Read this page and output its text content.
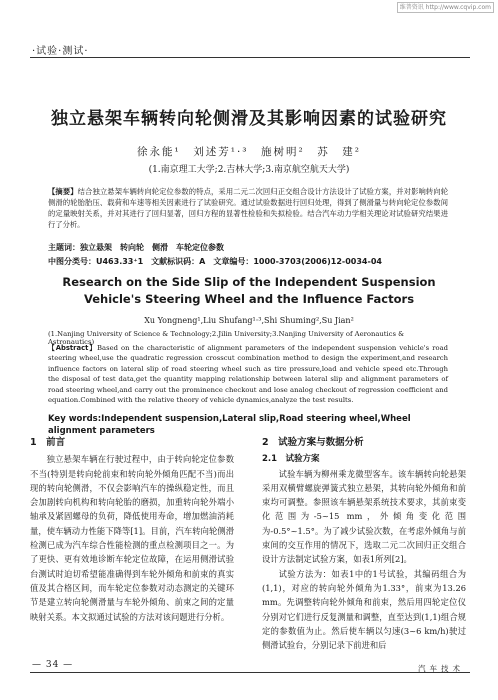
维普资讯 http://www.cqvip.com
·试验·测试·
独立悬架车辆转向轮侧滑及其影响因素的试验研究
徐永能¹　刘述芳¹·³　施树明²　苏　建²
(1.南京理工大学;2.吉林大学;3.南京航空航天大学)
【摘要】结合独立悬架车辆转向轮定位参数的特点，采用二元二次回归正交组合设计方法设计了试验方案，并对影响转向轮侧滑的轮胎胎压、载荷和车速等相关因素进行了试验研究。通过试验数据进行回归处理，得到了侧滑量与转向轮定位参数间的定量映射关系，并对其进行了回归显著，回归方程的显著性检验和失拟检验。结合汽车动力学相关理论对试验研究结果进行了分析。
主题词：独立悬架　转向轮　侧滑　车轮定位参数
中图分类号：U463.33⁺1　文献标识码：A　文章编号：1000-3703(2006)12-0034-04
Research on the Side Slip of the Independent Suspension
Vehicle's Steering Wheel and the Influence Factors
Xu Yongneng¹,Liu Shufang¹·³,Shi Shuming²,Su Jian²
(1.Nanjing University of Science & Technology;2.Jilin University;3.Nanjing University of Aeronautics & Astronautics)
【Abstract】Based on the characteristic of alignment parameters of the independent suspension vehicle's road steering wheel,use the quadratic regression crosscut combination method to design the experiment,and research influence factors on lateral slip of road steering wheel such as tire pressure,load and vehicle speed etc.Through the disposal of test data,get the quantity mapping relationship between lateral slip and alignment parameters of road steering wheel,and carry out the prominence checkout and lose analog checkout of regression coefficient and equation.Combined with the relative theory of vehicle dynamics,analyze the test results.
Key words:Independent suspension,Lateral slip,Road steering wheel,Wheel alignment parameters
1　前言
独立悬架车辆在行驶过程中，由于转向轮定位参数不当(特别是转向轮前束和转向轮外倾角匹配不当)而出现的转向轮侧滑，不仅会影响汽车的操纵稳定性，而且会加剧转向机构和转向轮胎的磨损，加重转向轮外端小轴承及紧固螺母的负荷，降低使用寿命，增加燃油消耗量，使车辆动力性能下降等[1]。目前，汽车转向轮侧滑检测已成为汽车综合性能检测的重点检测项目之一。为了更快、更有效地诊断车轮定位故障，在运用侧滑试验台测试时迫切希望能准确得到车轮外倾角和前束的真实值及其合格区间，而车轮定位参数对动态测定的关键环节是建立转向轮侧滑量与车轮外倾角、前束之间的定量映射关系。本文拟通过试验的方法对该问题进行分析。
2　试验方案与数据分析
2.1　试验方案
试验车辆为柳州乘龙微型客车。该车辆转向轮悬架采用双横臂螺旋弹簧式独立悬架，其转向轮外倾角和前束均可调整。参照该车辆悬架系统技术要求，其前束变化范围为-5~15 mm，外倾角变化范围为-0.5°~1.5°。为了减少试验次数，在考虑外倾角与前束间的交互作用的情况下，选取二元二次回归正交组合设计方法制定试验方案，如表1所列[2]。
试验方法为：如表1中的1号试验，其编码组合为(1,1)，对应的转向轮外倾角为1.33°，前束为13.26 mm。先调整转向轮外倾角和前束，然后用四轮定位仪分别对它们进行反复测量和调整，直至达到(1,1)组合规定的参数值为止。然后使车辆以匀速(3~6 km/h)驶过侧滑试验台，分别记录下前进和后
— 34 —	汽车技术
